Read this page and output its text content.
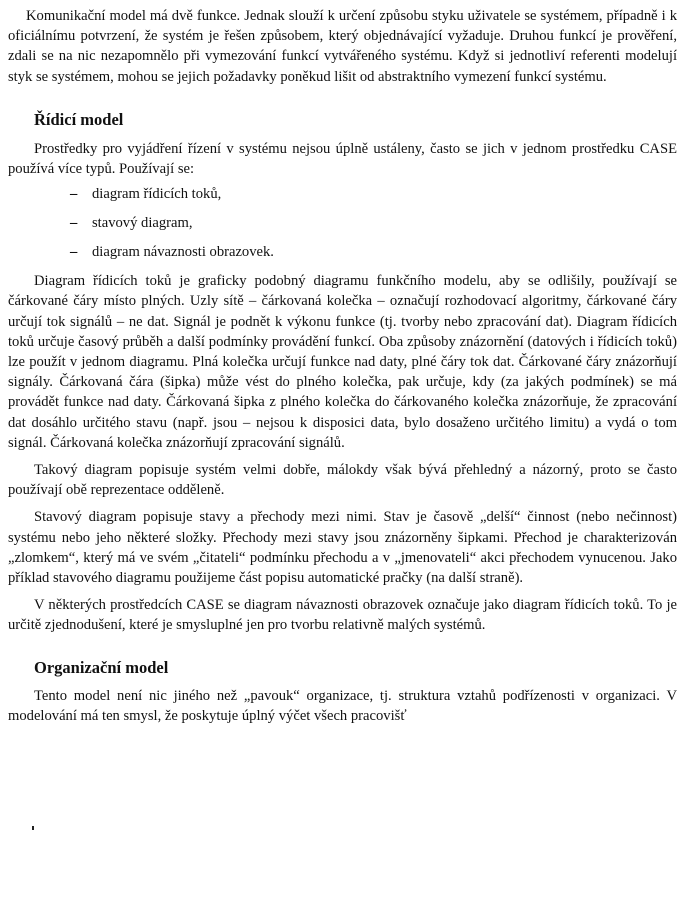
Komunikační model má dvě funkce. Jednak slouží k určení způsobu styku uživatele se systémem, případně i k oficiálnímu potvrzení, že systém je řešen způsobem, který objednávající vyžaduje. Druhou funkcí je prověření, zdali se na nic nezapomnělo při vymezování funkcí vytvářeného systému. Když si jednotliví referenti modelují styk se systémem, mohou se jejich požadavky poněkud lišit od abstraktního vymezení funkcí systému.

Řídicí model

Prostředky pro vyjádření řízení v systému nejsou úplně ustáleny, často se jich v jednom prostředku CASE používá více typů. Používají se:

– diagram řídicích toků,
– stavový diagram,
– diagram návaznosti obrazovek.

Diagram řídicích toků je graficky podobný diagramu funkčního modelu, aby se odlišily, používají se čárkované čáry místo plných. Uzly sítě – čárkovaná kolečka – označují rozhodovací algoritmy, čárkované čáry určují tok signálů – ne dat. Signál je podnět k výkonu funkce (tj. tvorby nebo zpracování dat). Diagram řídicích toků určuje časový průběh a další podmínky provádění funkcí. Oba způsoby znázornění (datových i řídicích toků) lze použít v jednom diagramu. Plná kolečka určují funkce nad daty, plné čáry tok dat. Čárkované čáry znázorňují signály. Čárkovaná čára (šipka) může vést do plného kolečka, pak určuje, kdy (za jakých podmínek) se má provádět funkce nad daty. Čárkovaná šipka z plného kolečka do čárkovaného kolečka znázorňuje, že zpracování dat dosáhlo určitého stavu (např. jsou – nejsou k disposici data, bylo dosaženo určitého limitu) a vydá o tom signál. Čárkovaná kolečka znázorňují zpracování signálů.

Takový diagram popisuje systém velmi dobře, málokdy však bývá přehledný a názorný, proto se často používají obě reprezentace odděleně.

Stavový diagram popisuje stavy a přechody mezi nimi. Stav je časově „delší“ činnost (nebo nečinnost) systému nebo jeho některé složky. Přechody mezi stavy jsou znázorněny šipkami. Přechod je charakterizován „zlomkem“, který má ve svém „čitateli“ podmínku přechodu a v „jmenovateli“ akci přechodem vynucenou. Jako příklad stavového diagramu použijeme část popisu automatické pračky (na další straně).

V některých prostředcích CASE se diagram návaznosti obrazovek označuje jako diagram řídicích toků. To je určitě zjednodušení, které je smysluplné jen pro tvorbu relativně malých systémů.

Organizační model

Tento model není nic jiného než „pavouk“ organizace, tj. struktura vztahů podřízenosti v organizaci. V modelování má ten smysl, že poskytuje úplný výčet všech pracovišť
